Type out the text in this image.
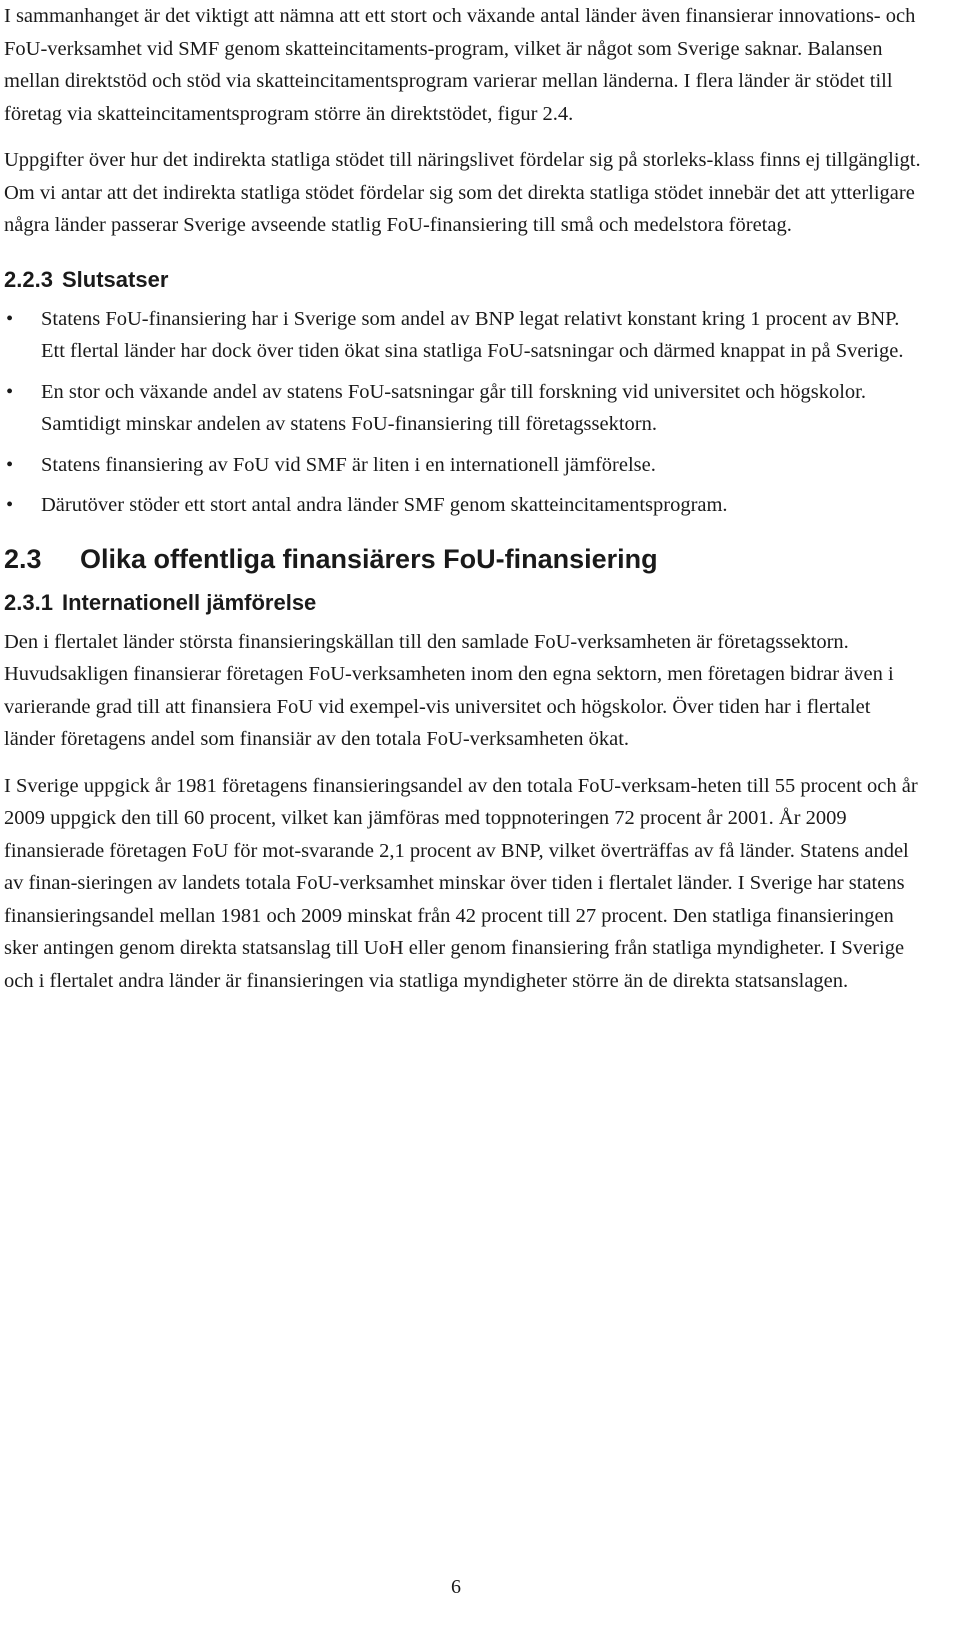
I sammanhanget är det viktigt att nämna att ett stort och växande antal länder även finansierar innovations- och FoU-verksamhet vid SMF genom skatteincitaments-program, vilket är något som Sverige saknar. Balansen mellan direktstöd och stöd via skatteincitamentsprogram varierar mellan länderna. I flera länder är stödet till företag via skatteincitamentsprogram större än direktstödet, figur 2.4.

Uppgifter över hur det indirekta statliga stödet till näringslivet fördelar sig på storleks-klass finns ej tillgängligt. Om vi antar att det indirekta statliga stödet fördelar sig som det direkta statliga stödet innebär det att ytterligare några länder passerar Sverige avseende statlig FoU-finansiering till små och medelstora företag.

2.2.3 Slutsatser
• Statens FoU-finansiering har i Sverige som andel av BNP legat relativt konstant kring 1 procent av BNP. Ett flertal länder har dock över tiden ökat sina statliga FoU-satsningar och därmed knappat in på Sverige.
• En stor och växande andel av statens FoU-satsningar går till forskning vid universitet och högskolor. Samtidigt minskar andelen av statens FoU-finansiering till företagssektorn.
• Statens finansiering av FoU vid SMF är liten i en internationell jämförelse.
• Därutöver stöder ett stort antal andra länder SMF genom skatteincitamentsprogram.
2.3 Olika offentliga finansiärers FoU-finansiering
2.3.1 Internationell jämförelse

Den i flertalet länder största finansieringskällan till den samlade FoU-verksamheten är företagssektorn. Huvudsakligen finansierar företagen FoU-verksamheten inom den egna sektorn, men företagen bidrar även i varierande grad till att finansiera FoU vid exempel-vis universitet och högskolor. Över tiden har i flertalet länder företagens andel som finansiär av den totala FoU-verksamheten ökat.

I Sverige uppgick år 1981 företagens finansieringsandel av den totala FoU-verksam-heten till 55 procent och år 2009 uppgick den till 60 procent, vilket kan jämföras med toppnoteringen 72 procent år 2001. År 2009 finansierade företagen FoU för mot-svarande 2,1 procent av BNP, vilket överträffas av få länder. Statens andel av finan-sieringen av landets totala FoU-verksamhet minskar över tiden i flertalet länder. I Sverige har statens finansieringsandel mellan 1981 och 2009 minskat från 42 procent till 27 procent. Den statliga finansieringen sker antingen genom direkta statsanslag till UoH eller genom finansiering från statliga myndigheter. I Sverige och i flertalet andra länder är finansieringen via statliga myndigheter större än de direkta statsanslagen.

6
